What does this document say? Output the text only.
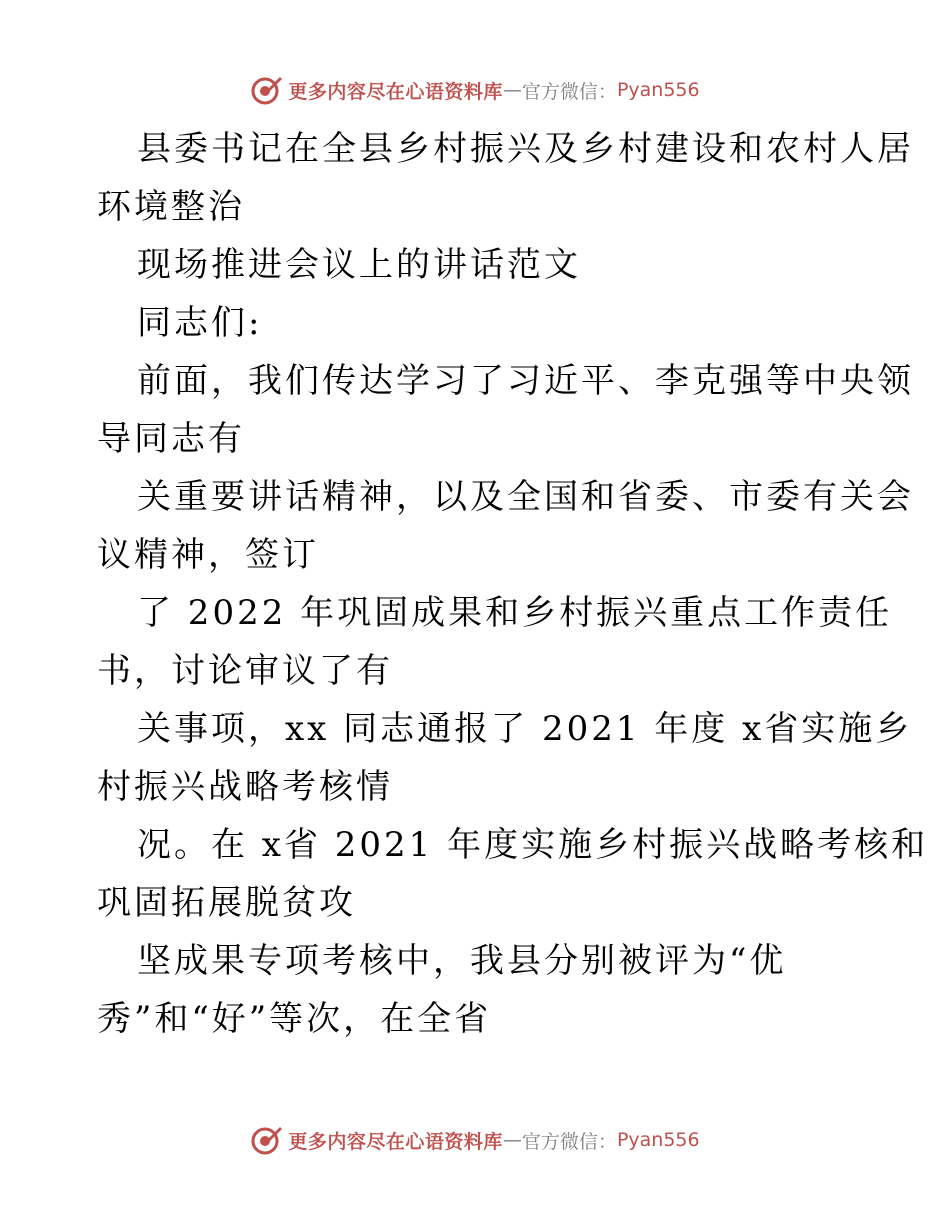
更多内容尽在心语资料库 — 官方微信： Pyan556
县委书记在全县乡村振兴及乡村建设和农村人居
环境整治
现场推进会议上的讲话范文
同志们:
前面，我们传达学习了习近平、李克强等中央领
导同志有
关重要讲话精神，以及全国和省委、市委有关会
议精神，签订
了 2022 年巩固成果和乡村振兴重点工作责任
书，讨论审议了有
关事项，xx 同志通报了 2021 年度 x省实施乡
村振兴战略考核情
况。在 x省 2021 年度实施乡村振兴战略考核和
巩固拓展脱贫攻
坚成果专项考核中，我县分别被评为“优
秀”和“好”等次，在全省
更多内容尽在心语资料库 — 官方微信： Pyan556
